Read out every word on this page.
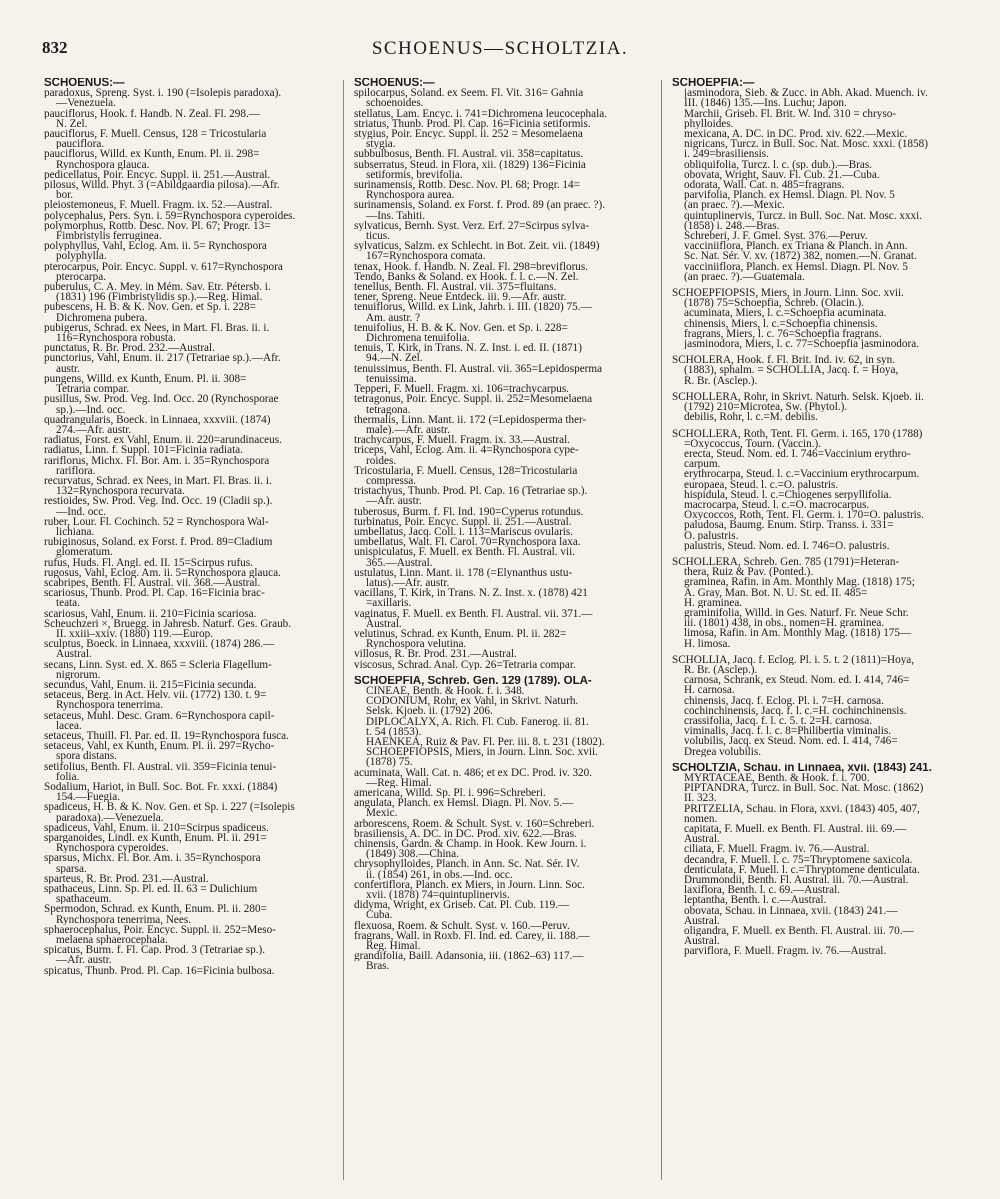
832	SCHOENUS—SCHOLTZIA.
SCHOENUS:—
paradoxus, Spreng. Syst. i. 190 (=Isolepis paradoxa).
—Venezuela.
pauciflorus, Hook. f. Handb. N. Zeal. Fl. 298.—
N. Zel.
pauciflorus, F. Muell. Census, 128 = Tricostularia
pauciflora.
pauciflorus, Willd. ex Kunth, Enum. Pl. ii. 298=
Rynchospora glauca.
pedicellatus, Poir. Encyc. Suppl. ii. 251.—Austral.
pilosus, Willd. Phyt. 3 (=Abildgaardia pilosa).—Afr.
bor.
pleiostemoneus, F. Muell. Fragm. ix. 52.—Austral.
polycephalus, Pers. Syn. i. 59=Rynchospora cyperoides.
polymorphus, Rottb. Desc. Nov. Pl. 67; Progr. 13=
Fimbristylis ferruginea.
polyphyllus, Vahl, Eclog. Am. ii. 5= Rynchospora
polyphylla.
pterocarpus, Poir. Encyc. Suppl. v. 617=Rynchospora
pterocarpa.
puberulus, C. A. Mey. in Mém. Sav. Etr. Pétersb. i.
(1831) 196 (Fimbristylidis sp.).—Reg. Himal.
pubescens, H. B. & K. Nov. Gen. et Sp. i. 228=
Dichromena pubera.
pubigerus, Schrad. ex Nees, in Mart. Fl. Bras. ii. i.
116=Rynchospora robusta.
punctatus, R. Br. Prod. 232.—Austral.
punctorius, Vahl, Enum. ii. 217 (Tetrariae sp.).—Afr.
austr.
pungens, Willd. ex Kunth, Enum. Pl. ii. 308=
Tetraria compar.
pusillus, Sw. Prod. Veg. Ind. Occ. 20 (Rynchosporae
sp.).—Ind. occ.
quadrangularis, Boeck. in Linnaea, xxxviii. (1874)
274.—Afr. austr.
radiatus, Forst. ex Vahl, Enum. ii. 220=arundinaceus.
radiatus, Linn. f. Suppl. 101=Ficinia radiata.
rariflorus, Michx. Fl. Bor. Am. i. 35=Rynchospora
rariflora.
recurvatus, Schrad. ex Nees, in Mart. Fl. Bras. ii. i.
132=Rynchospora recurvata.
restioides, Sw. Prod. Veg. Ind. Occ. 19 (Cladii sp.).
—Ind. occ.
ruber, Lour. Fl. Cochinch. 52 = Rynchospora Wal-
lichiana.
rubiginosus, Soland. ex Forst. f. Prod. 89=Cladium
glomeratum.
rufus, Huds. Fl. Angl. ed. II. 15=Scirpus rufus.
rugosus, Vahl, Eclog. Am. ii. 5=Rynchospora glauca.
scabripes, Benth. Fl. Austral. vii. 368.—Austral.
scariosus, Thunb. Prod. Pl. Cap. 16=Ficinia brac-
teata.
scariosus, Vahl, Enum. ii. 210=Ficinia scariosa.
Scheuchzeri ×, Bruegg. in Jahresb. Naturf. Ges. Graub.
II. xxiii–xxiv. (1880) 119.—Europ.
sculptus, Boeck. in Linnaea, xxxviii. (1874) 286.—
Austral.
secans, Linn. Syst. ed. X. 865 = Scleria Flagellum-
nigrorum.
secundus, Vahl, Enum. ii. 215=Ficinia secunda.
setaceus, Berg. in Act. Helv. vii. (1772) 130. t. 9=
Rynchospora tenerrima.
setaceus, Muhl. Desc. Gram. 6=Rynchospora capil-
lacea.
setaceus, Thuill. Fl. Par. ed. II. 19=Rynchospora fusca.
setaceus, Vahl, ex Kunth, Enum. Pl. ii. 297=Rycho-
spora distans.
setifolius, Benth. Fl. Austral. vii. 359=Ficinia tenui-
folia.
Sodalium, Hariot, in Bull. Soc. Bot. Fr. xxxi. (1884)
154.—Fuegia.
spadiceus, H. B. & K. Nov. Gen. et Sp. i. 227 (=Isolepis
paradoxa).—Venezuela.
spadiceus, Vahl, Enum. ii. 210=Scirpus spadiceus.
sparganoides, Lindl. ex Kunth, Enum. Pl. ii. 291=
Rynchospora cyperoides.
sparsus, Michx. Fl. Bor. Am. i. 35=Rynchospora
sparsa.
sparteus, R. Br. Prod. 231.—Austral.
spathaceus, Linn. Sp. Pl. ed. II. 63 = Dulichium
spathaceum.
Spermodon, Schrad. ex Kunth, Enum. Pl. ii. 280=
Rynchospora tenerrima, Nees.
sphaerocephalus, Poir. Encyc. Suppl. ii. 252=Meso-
melaena sphaerocephala.
spicatus, Burm. f. Fl. Cap. Prod. 3 (Tetrariae sp.).
—Afr. austr.
spicatus, Thunb. Prod. Pl. Cap. 16=Ficinia bulbosa.
SCHOENUS:—
spilocarpus, Soland. ex Seem. Fl. Vit. 316= Gahnia
schoenoides.
stellatus, Lam. Encyc. i. 741=Dichromena leucocephala.
striatus, Thunb. Prod. Pl. Cap. 16=Ficinia setiformis.
stygius, Poir. Encyc. Suppl. ii. 252 = Mesomelaena
stygia.
subbulbosus, Benth. Fl. Austral. vii. 358=capitatus.
subserratus, Steud. in Flora, xii. (1829) 136=Ficinia
setiformis, brevifolia.
surinamensis, Rottb. Desc. Nov. Pl. 68; Progr. 14=
Rynchospora aurea.
surinamensis, Soland. ex Forst. f. Prod. 89 (an praec. ?).
—Ins. Tahiti.
sylvaticus, Bernh. Syst. Verz. Erf. 27=Scirpus sylva-
ticus.
sylvaticus, Salzm. ex Schlecht. in Bot. Zeit. vii. (1849)
167=Rynchospora comata.
tenax, Hook. f. Handb. N. Zeal. Fl. 298=breviflorus.
Tendo, Banks & Soland. ex Hook. f. l. c.—N. Zel.
tenellus, Benth. Fl. Austral. vii. 375=fluitans.
tener, Spreng. Neue Entdeck. iii. 9.—Afr. austr.
tenuiflorus, Willd. ex Link, Jahrb. i. III. (1820) 75.—
Am. austr. ?
tenuifolius, H. B. & K. Nov. Gen. et Sp. i. 228=
Dichromena tenuifolia.
tenuis, T. Kirk, in Trans. N. Z. Inst. i. ed. II. (1871)
94.—N. Zel.
tenuissimus, Benth. Fl. Austral. vii. 365=Lepidosperma
tenuissima.
Tepperi, F. Muell. Fragm. xi. 106=trachycarpus.
tetragonus, Poir. Encyc. Suppl. ii. 252=Mesomelaena
tetragona.
thermalis, Linn. Mant. ii. 172 (=Lepidosperma ther-
male).—Afr. austr.
trachycarpus, F. Muell. Fragm. ix. 33.—Austral.
triceps, Vahl, Eclog. Am. ii. 4=Rynchospora cype-
roides.
Tricostularia, F. Muell. Census, 128=Tricostularia
compressa.
tristachyus, Thunb. Prod. Pl. Cap. 16 (Tetrariae sp.).
—Afr. austr.
tuberosus, Burm. f. Fl. Ind. 190=Cyperus rotundus.
turbinatus, Poir. Encyc. Suppl. ii. 251.—Austral.
umbellatus, Jacq. Coll. i. 113=Mariscus ovularis.
umbellatus, Walt. Fl. Carol. 70=Rynchospora laxa.
unispiculatus, F. Muell. ex Benth. Fl. Austral. vii.
365.—Austral.
ustulatus, Linn. Mant. ii. 178 (=Elynanthus ustu-
latus).—Afr. austr.
vacillans, T. Kirk, in Trans. N. Z. Inst. x. (1878) 421
=axillaris.
vaginatus, F. Muell. ex Benth. Fl. Austral. vii. 371.—
Austral.
velutinus, Schrad. ex Kunth, Enum. Pl. ii. 282=
Rynchospora velutina.
villosus, R. Br. Prod. 231.—Austral.
viscosus, Schrad. Anal. Cyp. 26=Tetraria compar.
SCHOEPFIA, Schreb. Gen. 129 (1789). OLA-
CINEAE, Benth. & Hook. f. i. 348.
CODONIUM, Rohr, ex Vahl, in Skrivt. Naturh.
Selsk. Kjoeb. ii. (1792) 206.
DIPLOCALYX, A. Rich. Fl. Cub. Fanerog. ii. 81.
t. 54 (1853).
HAENKEA, Ruiz & Pav. Fl. Per. iii. 8. t. 231 (1802).
SCHOEPFIOPSIS, Miers, in Journ. Linn. Soc. xvii.
(1878) 75.
acuminata, Wall. Cat. n. 486; et ex DC. Prod. iv. 320.
—Reg. Himal.
americana, Willd. Sp. Pl. i. 996=Schreberi.
angulata, Planch. ex Hemsl. Diagn. Pl. Nov. 5.—
Mexic.
arborescens, Roem. & Schult. Syst. v. 160=Schreberi.
brasiliensis, A. DC. in DC. Prod. xiv. 622.—Bras.
chinensis, Gardn. & Champ. in Hook. Kew Journ. i.
(1849) 308.—China.
chrysophylloides, Planch. in Ann. Sc. Nat. Sér. IV.
ii. (1854) 261, in obs.—Ind. occ.
confertiflora, Planch. ex Miers, in Journ. Linn. Soc.
xvii. (1878) 74=quintuplinervis.
didyma, Wright, ex Griseb. Cat. Pl. Cub. 119.—
Cuba.
flexuosa, Roem. & Schult. Syst. v. 160.—Peruv.
fragrans, Wall. in Roxb. Fl. Ind. ed. Carey, ii. 188.—
Reg. Himal.
grandifolia, Baill. Adansonia, iii. (1862–63) 117.—
Bras.
SCHOEPFIA:—
jasminodora, Sieb. & Zucc. in Abh. Akad. Muench. iv.
III. (1846) 135.—Ins. Luchu; Japon.
Marchii, Griseb. Fl. Brit. W. Ind. 310 = chryso-
phylloides.
mexicana, A. DC. in DC. Prod. xiv. 622.—Mexic.
nigricans, Turcz. in Bull. Soc. Nat. Mosc. xxxi. (1858)
i. 249=brasiliensis.
obliquifolia, Turcz. l. c. (sp. dub.).—Bras.
obovata, Wright, Sauv. Fl. Cub. 21.—Cuba.
odorata, Wall. Cat. n. 485=fragrans.
parvifolia, Planch. ex Hemsl. Diagn. Pl. Nov. 5
(an praec. ?).—Mexic.
quintuplinervis, Turcz. in Bull. Soc. Nat. Mosc. xxxi.
(1858) i. 248.—Bras.
Schreberi, J. F. Gmel. Syst. 376.—Peruv.
vacciniiflora, Planch. ex Triana & Planch. in Ann.
Sc. Nat. Sér. V. xv. (1872) 382, nomen.—N. Granat.
vacciniiflora, Planch. ex Hemsl. Diagn. Pl. Nov. 5
(an praec. ?).—Guatemala.
SCHOEPFIOPSIS, Miers, in Journ. Linn. Soc. xvii.
(1878) 75=Schoepfia, Schreb. (Olacin.).
acuminata, Miers, l. c.=Schoepfia acuminata.
chinensis, Miers, l. c.=Schoepfia chinensis.
fragrans, Miers, l. c. 76=Schoepfia fragrans.
jasminodora, Miers, l. c. 77=Schoepfia jasminodora.
SCHOLERA, Hook. f. Fl. Brit. Ind. iv. 62, in syn.
(1883), sphalm. = SCHOLLIA, Jacq. f. = Hoya,
R. Br. (Asclep.).
SCHOLLERA, Rohr, in Skrivt. Naturh. Selsk. Kjoeb. ii.
(1792) 210=Microtea, Sw. (Phytol.).
debilis, Rohr, l. c.=M. debilis.
SCHOLLERA, Roth, Tent. Fl. Germ. i. 165, 170 (1788)
=Oxycoccus, Tourn. (Vaccin.).
erecta, Steud. Nom. ed. I. 746=Vaccinium erythro-
carpum.
erythrocarpa, Steud. l. c.=Vaccinium erythrocarpum.
europaea, Steud. l. c.=O. palustris.
hispidula, Steud. l. c.=Chiogenes serpyllifolia.
macrocarpa, Steud. l. c.=O. macrocarpus.
Oxycoccos, Roth, Tent. Fl. Germ. i. 170=O. palustris.
paludosa, Baumg. Enum. Stirp. Transs. i. 331=
O. palustris.
palustris, Steud. Nom. ed. I. 746=O. palustris.
SCHOLLERA, Schreb. Gen. 785 (1791)=Heteran-
thera, Ruiz & Pav. (Ponted.).
graminea, Rafin. in Am. Monthly Mag. (1818) 175;
A. Gray, Man. Bot. N. U. St. ed. II. 485=
H. graminea.
graminifolia, Willd. in Ges. Naturf. Fr. Neue Schr.
iii. (1801) 438, in obs., nomen=H. graminea.
limosa, Rafin. in Am. Monthly Mag. (1818) 175—
H. limosa.
SCHOLLIA, Jacq. f. Eclog. Pl. i. 5. t. 2 (1811)=Hoya,
R. Br. (Asclep.).
carnosa, Schrank, ex Steud. Nom. ed. I. 414, 746=
H. carnosa.
chinensis, Jacq. f. Eclog. Pl. i. 7=H. carnosa.
cochinchinensis, Jacq. f. l. c.=H. cochinchinensis.
crassifolia, Jacq. f. l. c. 5. t. 2=H. carnosa.
viminalis, Jacq. f. l. c. 8=Philibertia viminalis.
volubilis, Jacq. ex Steud. Nom. ed. I. 414, 746=
Dregea volubilis.
SCHOLTZIA, Schau. in Linnaea, xvii. (1843) 241.
MYRTACEAE, Benth. & Hook. f. i. 700.
PIPTANDRA, Turcz. in Bull. Soc. Nat. Mosc. (1862)
II. 323.
PRITZELIA, Schau. in Flora, xxvi. (1843) 405, 407,
nomen.
capitata, F. Muell. ex Benth. Fl. Austral. iii. 69.—
Austral.
ciliata, F. Muell. Fragm. iv. 76.—Austral.
decandra, F. Muell. l. c. 75=Thryptomene saxicola.
denticulata, F. Muell. l. c.=Thryptomene denticulata.
Drummondii, Benth. Fl. Austral. iii. 70.—Austral.
laxiflora, Benth. l. c. 69.—Austral.
leptantha, Benth. l. c.—Austral.
obovata, Schau. in Linnaea, xvii. (1843) 241.—
Austral.
oligandra, F. Muell. ex Benth. Fl. Austral. iii. 70.—
Austral.
parviflora, F. Muell. Fragm. iv. 76.—Austral.
